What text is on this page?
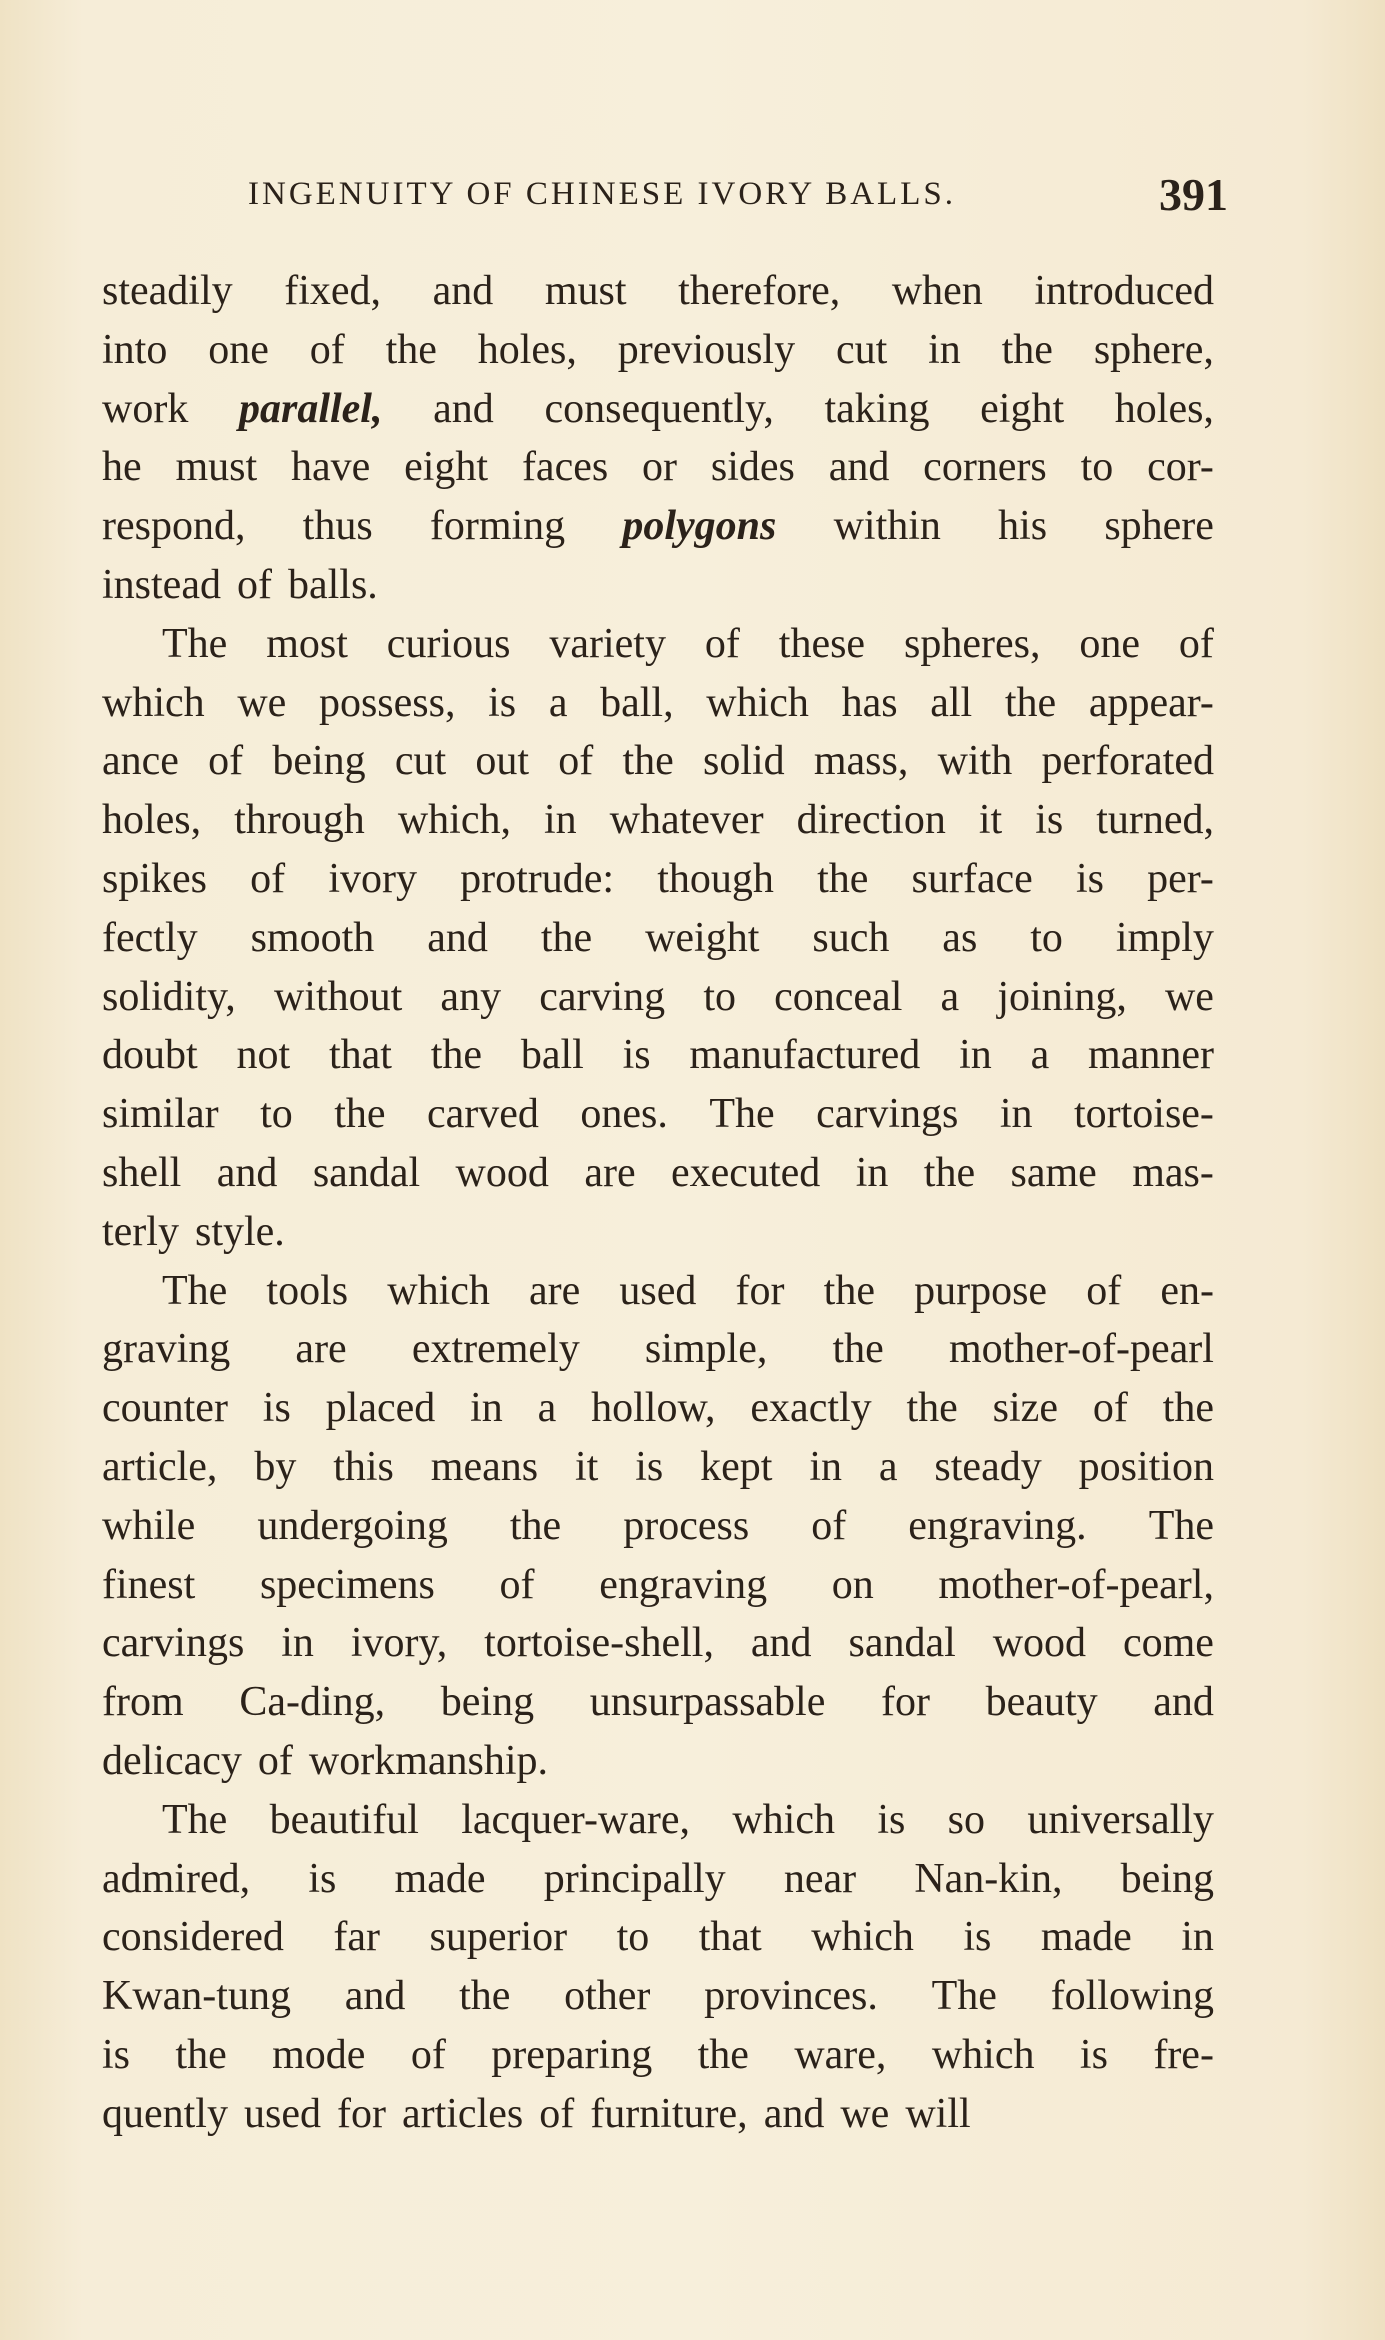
INGENUITY OF CHINESE IVORY BALLS.	391
steadily fixed, and must therefore, when introduced
into one of the holes, previously cut in the sphere,
work parallel, and consequently, taking eight holes,
he must have eight faces or sides and corners to cor-
respond, thus forming polygons within his sphere
instead of balls.
The most curious variety of these spheres, one of
which we possess, is a ball, which has all the appear-
ance of being cut out of the solid mass, with perforated
holes, through which, in whatever direction it is turned,
spikes of ivory protrude: though the surface is per-
fectly smooth and the weight such as to imply
solidity, without any carving to conceal a joining, we
doubt not that the ball is manufactured in a manner
similar to the carved ones. The carvings in tortoise-
shell and sandal wood are executed in the same mas-
terly style.
The tools which are used for the purpose of en-
graving are extremely simple, the mother-of-pearl
counter is placed in a hollow, exactly the size of the
article, by this means it is kept in a steady position
while undergoing the process of engraving. The
finest specimens of engraving on mother-of-pearl,
carvings in ivory, tortoise-shell, and sandal wood come
from Ca-ding, being unsurpassable for beauty and
delicacy of workmanship.
The beautiful lacquer-ware, which is so universally
admired, is made principally near Nan-kin, being
considered far superior to that which is made in
Kwan-tung and the other provinces. The following
is the mode of preparing the ware, which is fre-
quently used for articles of furniture, and we will
